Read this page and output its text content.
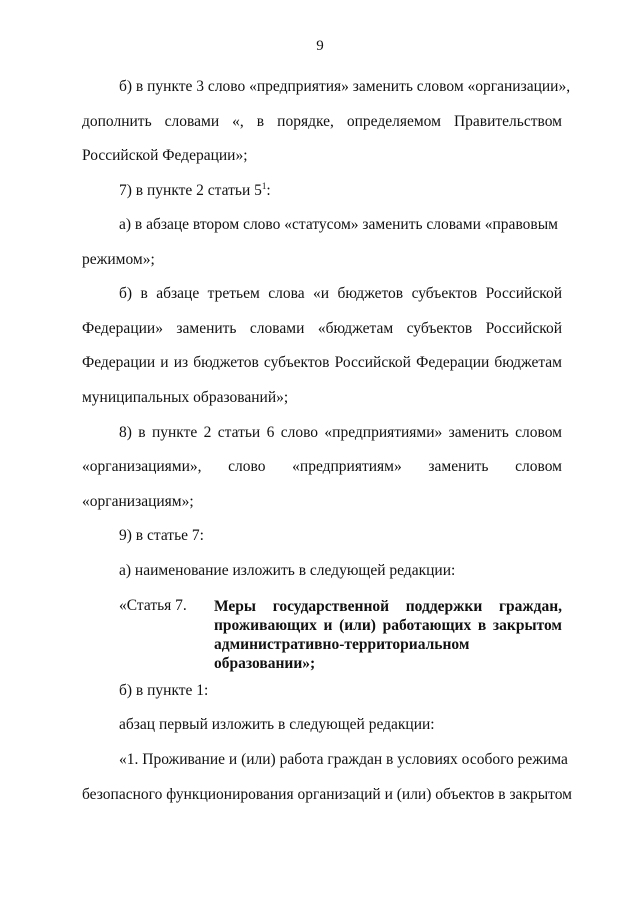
9
б) в пункте 3 слово «предприятия» заменить словом «организации»,
дополнить словами «, в порядке, определяемом Правительством
Российской Федерации»;
7) в пункте 2 статьи $5^1$:
а) в абзаце втором слово «статусом» заменить словами «правовым
режимом»;
б) в абзаце третьем слова «и бюджетов субъектов Российской
Федерации» заменить словами «бюджетам субъектов Российской
Федерации и из бюджетов субъектов Российской Федерации бюджетам
муниципальных образований»;
8) в пункте 2 статьи 6 слово «предприятиями» заменить словом
«организациями», слово «предприятиям» заменить словом
«организациям»;
9) в статье 7:
а) наименование изложить в следующей редакции:
«Статья 7. Меры государственной поддержки граждан,
проживающих и (или) работающих в закрытом
административно-территориальном
образовании»;
б) в пункте 1:
абзац первый изложить в следующей редакции:
«1. Проживание и (или) работа граждан в условиях особого режима
безопасного функционирования организаций и (или) объектов в закрытом
